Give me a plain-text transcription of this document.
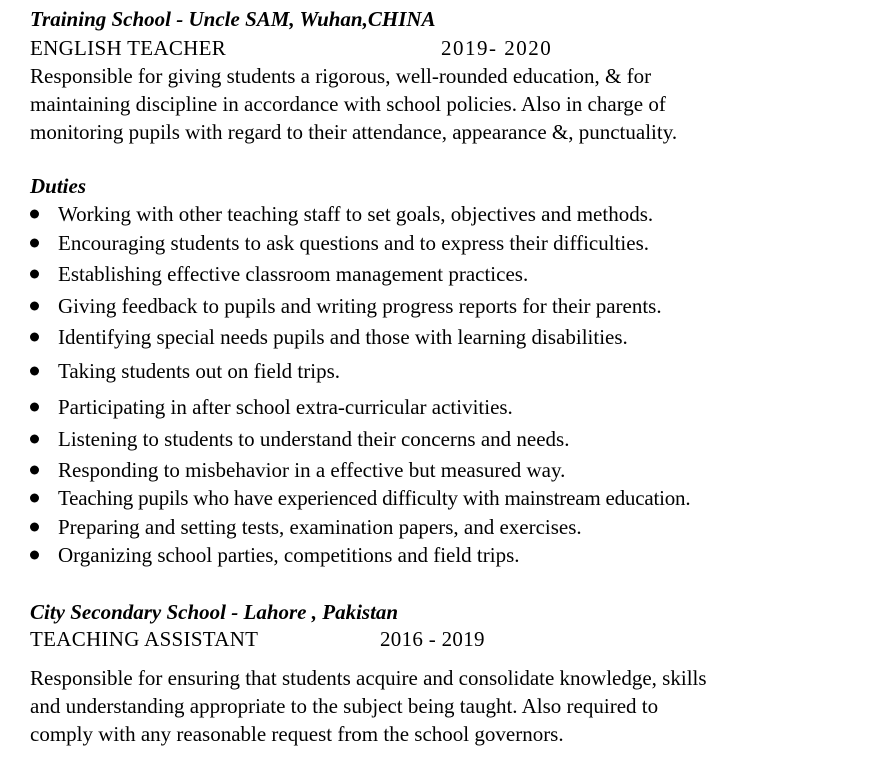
Training School - Uncle SAM, Wuhan,CHINA
ENGLISH TEACHER	2019- 2020
Responsible for giving students a rigorous, well-rounded education, & for
maintaining discipline in accordance with school policies. Also in charge of
monitoring pupils with regard to their attendance, appearance &, punctuality.
Duties
Working with other teaching staff to set goals, objectives and methods.
Encouraging students to ask questions and to express their difficulties.
Establishing effective classroom management practices.
Giving feedback to pupils and writing progress reports for their parents.
Identifying special needs pupils and those with learning disabilities.
Taking students out on field trips.
Participating in after school extra-curricular activities.
Listening to students to understand their concerns and needs.
Responding to misbehavior in a effective but measured way.
Teaching pupils who have experienced difficulty with mainstream education.
Preparing and setting tests, examination papers, and exercises.
Organizing school parties, competitions and field trips.
City Secondary School - Lahore , Pakistan
TEACHING ASSISTANT	2016 - 2019
Responsible for ensuring that students acquire and consolidate knowledge, skills
and understanding appropriate to the subject being taught. Also required to
comply with any reasonable request from the school governors.
